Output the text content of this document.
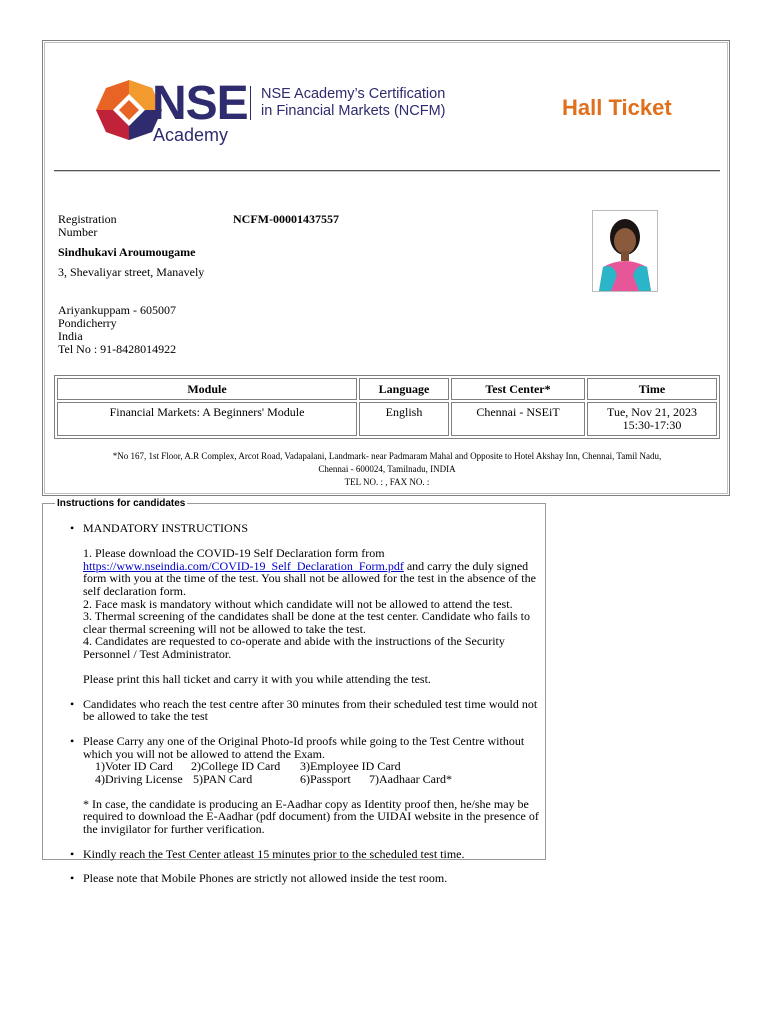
NSE
Academy
NSE Academy’s Certification
in Financial Markets (NCFM)	Hall Ticket
Registration Number
NCFM-00001437557
Sindhukavi Aroumougame
3, Shevaliyar street, Manavely
Ariyankuppam - 605007
Pondicherry
India
Tel No : 91-8428014922
Module	Language	Test Center*	Time
Financial Markets: A Beginners' Module	English	Chennai - NSEiT	Tue, Nov 21, 2023
15:30-17:30
*No 167, 1st Floor, A.R Complex, Arcot Road, Vadapalani, Landmark- near Padmaram Mahal and Opposite to Hotel Akshay Inn, Chennai, Tamil Nadu,
Chennai - 600024, Tamilnadu, INDIA
TEL NO. : , FAX NO. :
Instructions for candidates
• MANDATORY INSTRUCTIONS
1. Please download the COVID-19 Self Declaration form from
https://www.nseindia.com/COVID-19_Self_Declaration_Form.pdf and carry the duly signed form with you at the time of the test. You shall not be allowed for the test in the absence of the self declaration form.
2. Face mask is mandatory without which candidate will not be allowed to attend the test.
3. Thermal screening of the candidates shall be done at the test center. Candidate who fails to clear thermal screening will not be allowed to take the test.
4. Candidates are requested to co-operate and abide with the instructions of the Security Personnel / Test Administrator.
Please print this hall ticket and carry it with you while attending the test.
• Candidates who reach the test centre after 30 minutes from their scheduled test time would not be allowed to take the test
• Please Carry any one of the Original Photo-Id proofs while going to the Test Centre without which you will not be allowed to attend the Exam.
1)Voter ID Card 2)College ID Card 3)Employee ID Card
4)Driving License 5)PAN Card	6)Passport 7)Aadhaar Card*
* In case, the candidate is producing an E-Aadhar copy as Identity proof then, he/she may be required to download the E-Aadhar (pdf document) from the UIDAI website in the presence of the invigilator for further verification.
• Kindly reach the Test Center atleast 15 minutes prior to the scheduled test time.
• Please note that Mobile Phones are strictly not allowed inside the test room.
